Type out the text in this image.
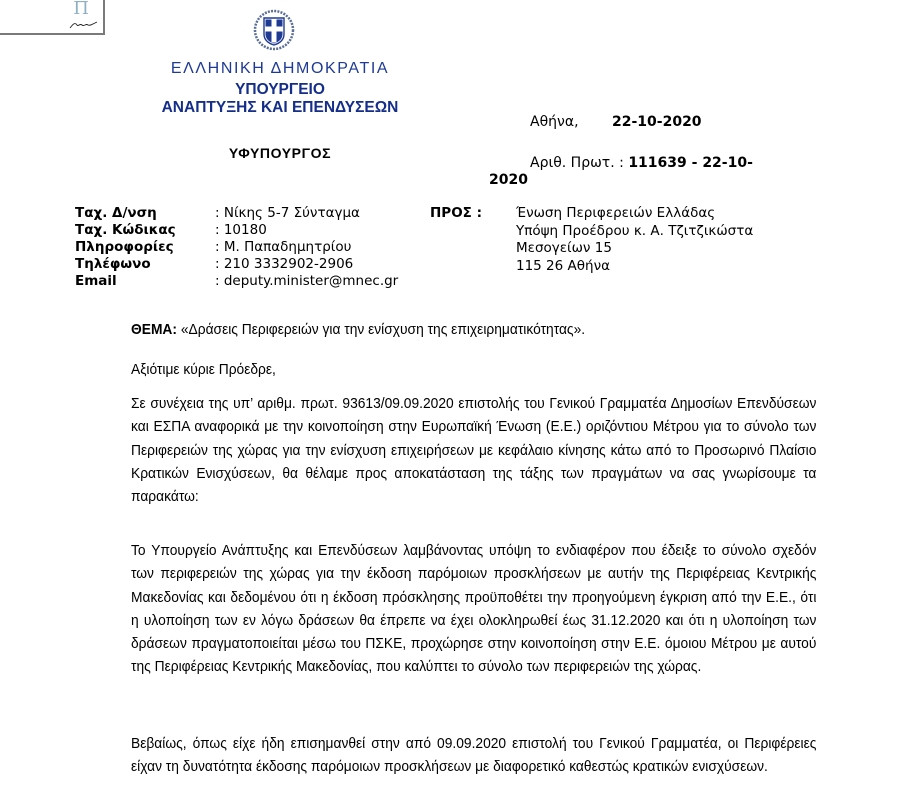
Π
ΕΛΛΗΝΙΚΗ ΔΗΜΟΚΡΑΤΙΑ
ΥΠΟΥΡΓΕΙΟ
ΑΝΑΠΤΥΞΗΣ ΚΑΙ ΕΠΕΝΔΥΣΕΩΝ
ΥΦΥΠΟΥΡΓΟΣ
Αθήνα, 22-10-2020
Αριθ. Πρωτ. : 111639 - 22-10-
2020
Ταχ. Δ/νση	: Νίκης 5-7 Σύνταγμα
Ταχ. Κώδικας	: 10180
Πληροφορίες	: Μ. Παπαδημητρίου
Τηλέφωνο	: 210 3332902-2906
Email	: deputy.minister@mnec.gr
ΠΡΟΣ :	Ένωση Περιφερειών Ελλάδας
Υπόψη Προέδρου κ. Α. Τζιτζικώστα
Μεσογείων 15
115 26 Αθήνα
ΘΕΜΑ: «Δράσεις Περιφερειών για την ενίσχυση της επιχειρηματικότητας».
Αξιότιμε κύριε Πρόεδρε,
Σε συνέχεια της υπ’ αριθμ. πρωτ. 93613/09.09.2020 επιστολής του Γενικού Γραμματέα Δημοσίων Επενδύσεων και ΕΣΠΑ αναφορικά με την κοινοποίηση στην Ευρωπαϊκή Ένωση (Ε.Ε.) οριζόντιου Μέτρου για το σύνολο των Περιφερειών της χώρας για την ενίσχυση επιχειρήσεων με κεφάλαιο κίνησης κάτω από το Προσωρινό Πλαίσιο Κρατικών Ενισχύσεων, θα θέλαμε προς αποκατάσταση της τάξης των πραγμάτων να σας γνωρίσουμε τα παρακάτω:
Το Υπουργείο Ανάπτυξης και Επενδύσεων λαμβάνοντας υπόψη το ενδιαφέρον που έδειξε το σύνολο σχεδόν των περιφερειών της χώρας για την έκδοση παρόμοιων προσκλήσεων με αυτήν της Περιφέρειας Κεντρικής Μακεδονίας και δεδομένου ότι η έκδοση πρόσκλησης προϋποθέτει την προηγούμενη έγκριση από την Ε.Ε., ότι η υλοποίηση των εν λόγω δράσεων θα έπρεπε να έχει ολοκληρωθεί έως 31.12.2020 και ότι η υλοποίηση των δράσεων πραγματοποιείται μέσω του ΠΣΚΕ, προχώρησε στην κοινοποίηση στην Ε.Ε. όμοιου Μέτρου με αυτού της Περιφέρειας Κεντρικής Μακεδονίας, που καλύπτει το σύνολο των περιφερειών της χώρας.
Βεβαίως, όπως είχε ήδη επισημανθεί στην από 09.09.2020 επιστολή του Γενικού Γραμματέα, οι Περιφέρειες είχαν τη δυνατότητα έκδοσης παρόμοιων προσκλήσεων με διαφορετικό καθεστώς κρατικών ενισχύσεων.
